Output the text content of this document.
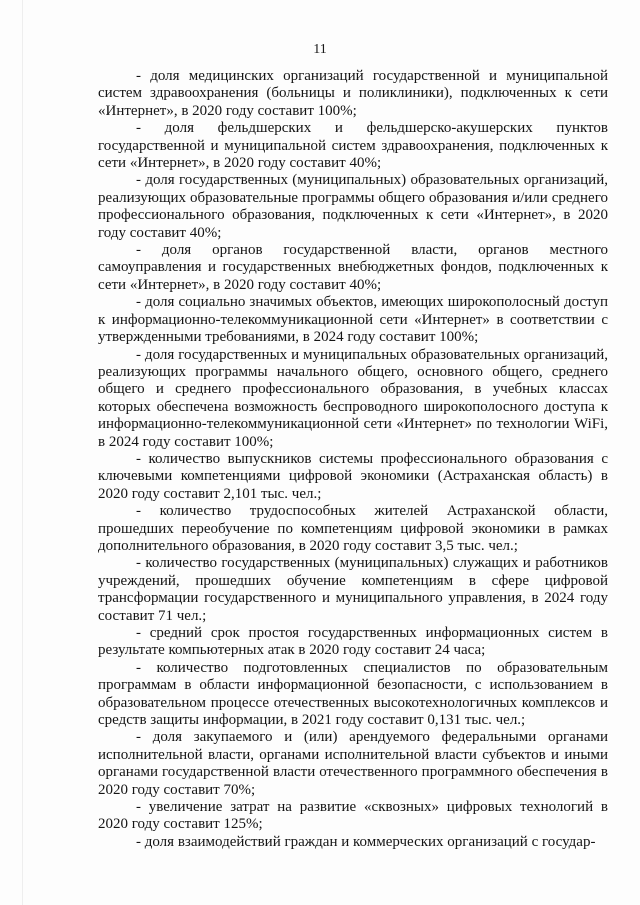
11

- доля медицинских организаций государственной и муниципальной систем здравоохранения (больницы и поликлиники), подключенных к сети «Интернет», в 2020 году составит 100%;

- доля фельдшерских и фельдшерско-акушерских пунктов государственной и муниципальной систем здравоохранения, подключенных к сети «Интернет», в 2020 году составит 40%;

- доля государственных (муниципальных) образовательных организаций, реализующих образовательные программы общего образования и/или среднего профессионального образования, подключенных к сети «Интернет», в 2020 году составит 40%;

- доля органов государственной власти, органов местного самоуправления и государственных внебюджетных фондов, подключенных к сети «Интернет», в 2020 году составит 40%;

- доля социально значимых объектов, имеющих широкополосный доступ к информационно-телекоммуникационной сети «Интернет» в соответствии с утвержденными требованиями, в 2024 году составит 100%;

- доля государственных и муниципальных образовательных организаций, реализующих программы начального общего, основного общего, среднего общего и среднего профессионального образования, в учебных классах которых обеспечена возможность беспроводного широкополосного доступа к информационно-телекоммуникационной сети «Интернет» по технологии WiFi, в 2024 году составит 100%;

- количество выпускников системы профессионального образования с ключевыми компетенциями цифровой экономики (Астраханская область) в 2020 году составит 2,101 тыс. чел.;

- количество трудоспособных жителей Астраханской области, прошедших переобучение по компетенциям цифровой экономики в рамках дополнительного образования, в 2020 году составит 3,5 тыс. чел.;

- количество государственных (муниципальных) служащих и работников учреждений, прошедших обучение компетенциям в сфере цифровой трансформации государственного и муниципального управления, в 2024 году составит 71 чел.;

- средний срок простоя государственных информационных систем в результате компьютерных атак в 2020 году составит 24 часа;

- количество подготовленных специалистов по образовательным программам в области информационной безопасности, с использованием в образовательном процессе отечественных высокотехнологичных комплексов и средств защиты информации, в 2021 году составит 0,131 тыс. чел.;

- доля закупаемого и (или) арендуемого федеральными органами исполнительной власти, органами исполнительной власти субъектов и иными органами государственной власти отечественного программного обеспечения в 2020 году составит 70%;

- увеличение затрат на развитие «сквозных» цифровых технологий в 2020 году составит 125%;

- доля взаимодействий граждан и коммерческих организаций с государ-
